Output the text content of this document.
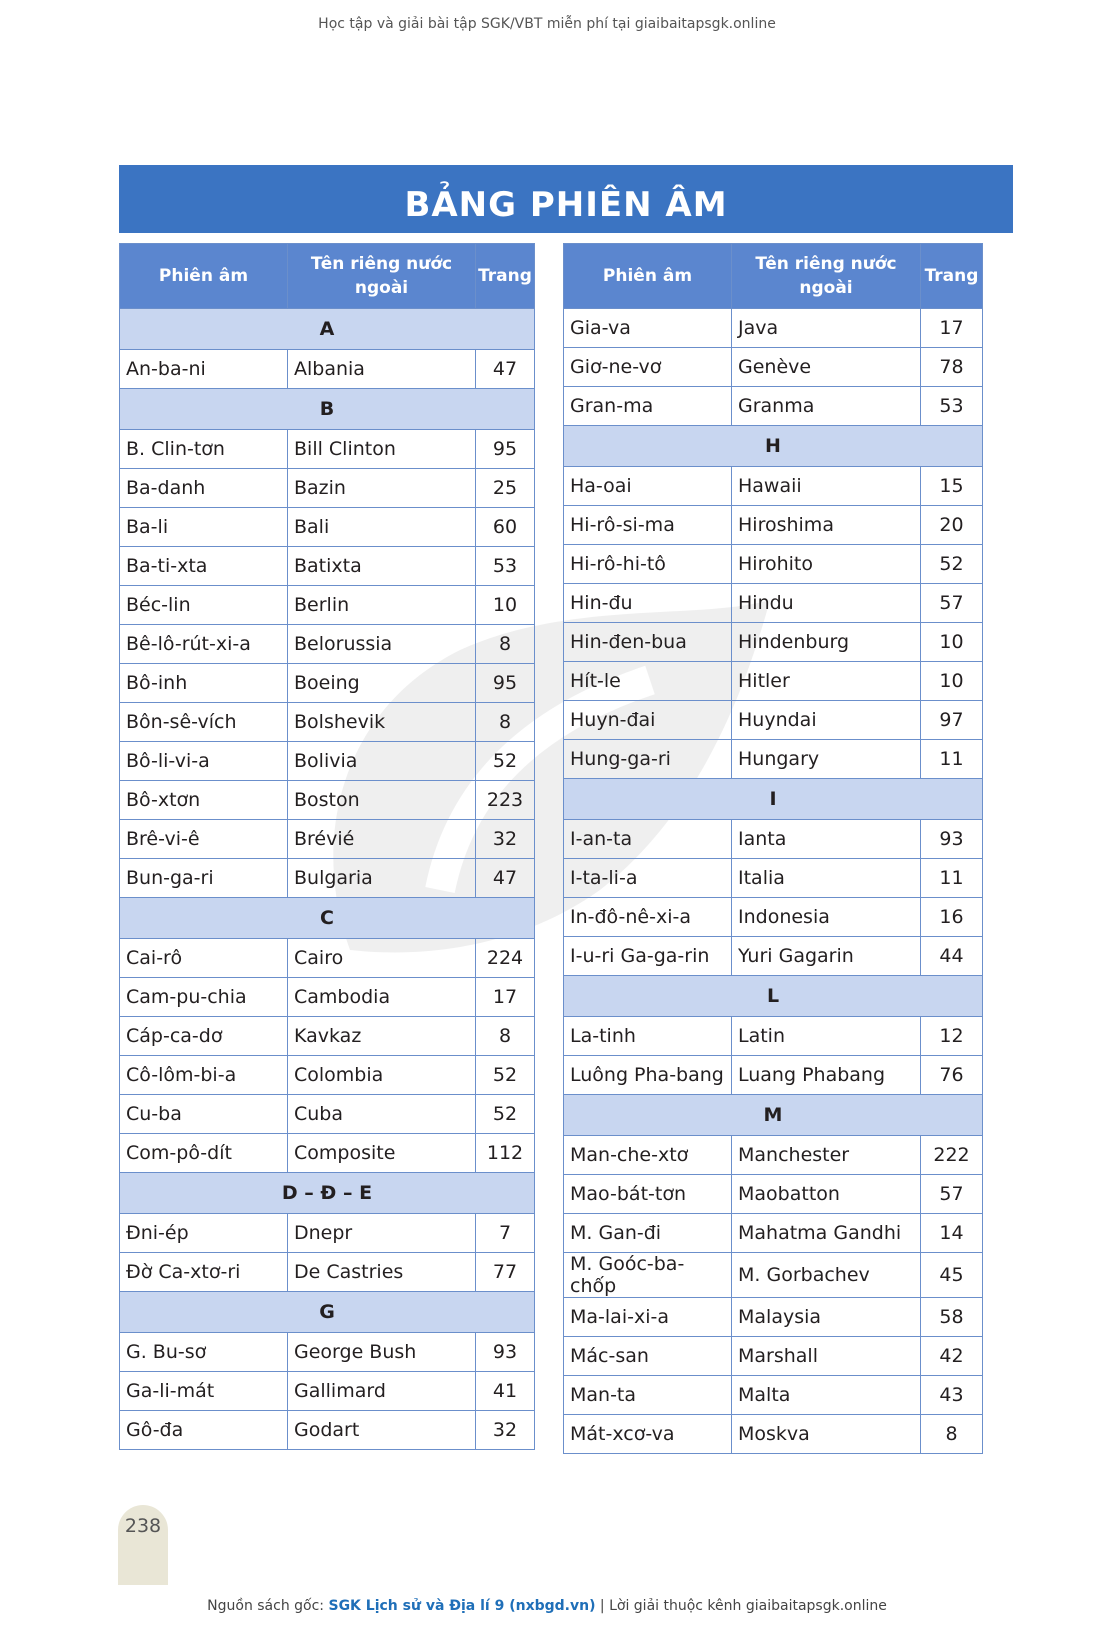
Học tập và giải bài tập SGK/VBT miễn phí tại giaibaitapsgk.online
BẢNG PHIÊN ÂM
Phiên âm	Tên riêng nước ngoài	Trang
A		
An-ba-ni	Albania	47
B		
B. Clin-tơn	Bill Clinton	95
Ba-danh	Bazin	25
Ba-li	Bali	60
Ba-ti-xta	Batixta	53
Béc-lin	Berlin	10
Bê-lô-rút-xi-a	Belorussia	8
Bô-inh	Boeing	95
Bôn-sê-vích	Bolshevik	8
Bô-li-vi-a	Bolivia	52
Bô-xtơn	Boston	223
Brê-vi-ê	Brévié	32
Bun-ga-ri	Bulgaria	47
C		
Cai-rô	Cairo	224
Cam-pu-chia	Cambodia	17
Cáp-ca-dơ	Kavkaz	8
Cô-lôm-bi-a	Colombia	52
Cu-ba	Cuba	52
Com-pô-dít	Composite	112
D – Đ – E		
Đni-ép	Dnepr	7
Đờ Ca-xtơ-ri	De Castries	77
G		
G. Bu-sơ	George Bush	93
Ga-li-mát	Gallimard	41
Gô-đa	Godart	32
Phiên âm	Tên riêng nước ngoài	Trang
Gia-va	Java	17
Giơ-ne-vơ	Genève	78
Gran-ma	Granma	53
H		
Ha-oai	Hawaii	15
Hi-rô-si-ma	Hiroshima	20
Hi-rô-hi-tô	Hirohito	52
Hin-đu	Hindu	57
Hin-đen-bua	Hindenburg	10
Hít-le	Hitler	10
Huyn-đai	Huyndai	97
Hung-ga-ri	Hungary	11
I		
I-an-ta	Ianta	93
I-ta-li-a	Italia	11
In-đô-nê-xi-a	Indonesia	16
I-u-ri Ga-ga-rin	Yuri Gagarin	44
L		
La-tinh	Latin	12
Luông Pha-bang	Luang Phabang	76
M		
Man-che-xtơ	Manchester	222
Mao-bát-tơn	Maobatton	57
M. Gan-đi	Mahatma Gandhi	14
M. Goóc-ba-chốp	M. Gorbachev	45
Ma-lai-xi-a	Malaysia	58
Mác-san	Marshall	42
Man-ta	Malta	43
Mát-xcơ-va	Moskva	8
238
Nguồn sách gốc: SGK Lịch sử và Địa lí 9 (nxbgd.vn) | Lời giải thuộc kênh giaibaitapsgk.online
